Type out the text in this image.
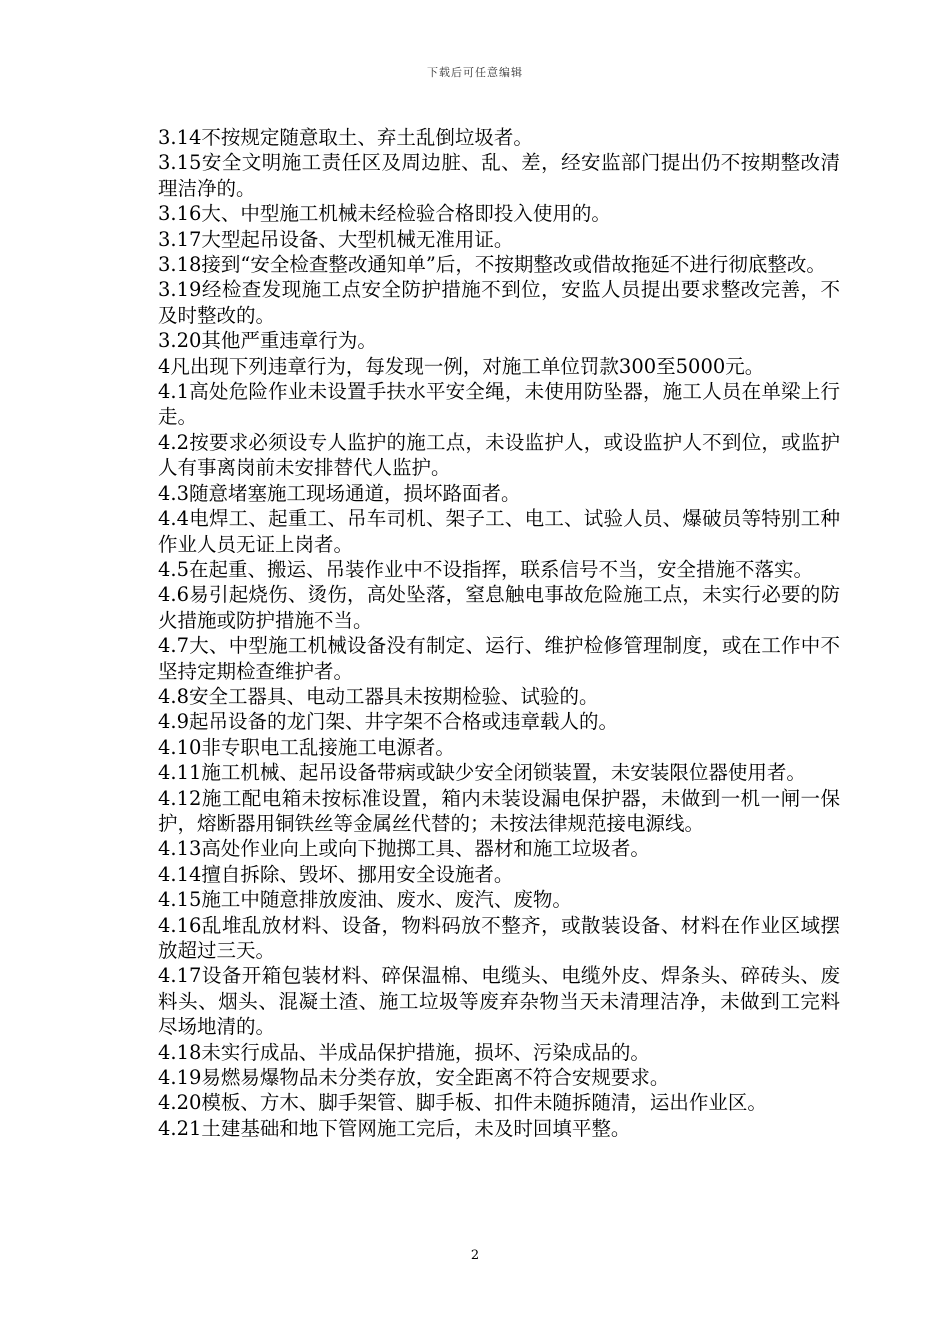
下载后可任意编辑

3.14不按规定随意取土、弃土乱倒垃圾者。

3.15安全文明施工责任区及周边脏、乱、差，经安监部门提出仍不按期整改清理洁净的。

3.16大、中型施工机械未经检验合格即投入使用的。

3.17大型起吊设备、大型机械无准用证。

3.18接到“安全检查整改通知单”后，不按期整改或借故拖延不进行彻底整改。

3.19经检查发现施工点安全防护措施不到位，安监人员提出要求整改完善，不及时整改的。

3.20其他严重违章行为。

4凡出现下列违章行为，每发现一例，对施工单位罚款300至5000元。

4.1高处危险作业未设置手扶水平安全绳，未使用防坠器，施工人员在单梁上行走。

4.2按要求必须设专人监护的施工点，未设监护人，或设监护人不到位，或监护人有事离岗前未安排替代人监护。

4.3随意堵塞施工现场通道，损坏路面者。

4.4电焊工、起重工、吊车司机、架子工、电工、试验人员、爆破员等特别工种作业人员无证上岗者。

4.5在起重、搬运、吊装作业中不设指挥，联系信号不当，安全措施不落实。

4.6易引起烧伤、烫伤，高处坠落，窒息触电事故危险施工点，未实行必要的防火措施或防护措施不当。

4.7大、中型施工机械设备没有制定、运行、维护检修管理制度，或在工作中不坚持定期检查维护者。

4.8安全工器具、电动工器具未按期检验、试验的。

4.9起吊设备的龙门架、井字架不合格或违章载人的。

4.10非专职电工乱接施工电源者。

4.11施工机械、起吊设备带病或缺少安全闭锁装置，未安装限位器使用者。

4.12施工配电箱未按标准设置，箱内未装设漏电保护器，未做到一机一闸一保护，熔断器用铜铁丝等金属丝代替的；未按法律规范接电源线。

4.13高处作业向上或向下抛掷工具、器材和施工垃圾者。

4.14擅自拆除、毁坏、挪用安全设施者。

4.15施工中随意排放废油、废水、废汽、废物。

4.16乱堆乱放材料、设备，物料码放不整齐，或散装设备、材料在作业区域摆放超过三天。

4.17设备开箱包装材料、碎保温棉、电缆头、电缆外皮、焊条头、碎砖头、废料头、烟头、混凝土渣、施工垃圾等废弃杂物当天未清理洁净，未做到工完料尽场地清的。

4.18未实行成品、半成品保护措施，损坏、污染成品的。

4.19易燃易爆物品未分类存放，安全距离不符合安规要求。

4.20模板、方木、脚手架管、脚手板、扣件未随拆随清，运出作业区。

4.21土建基础和地下管网施工完后，未及时回填平整。

2
